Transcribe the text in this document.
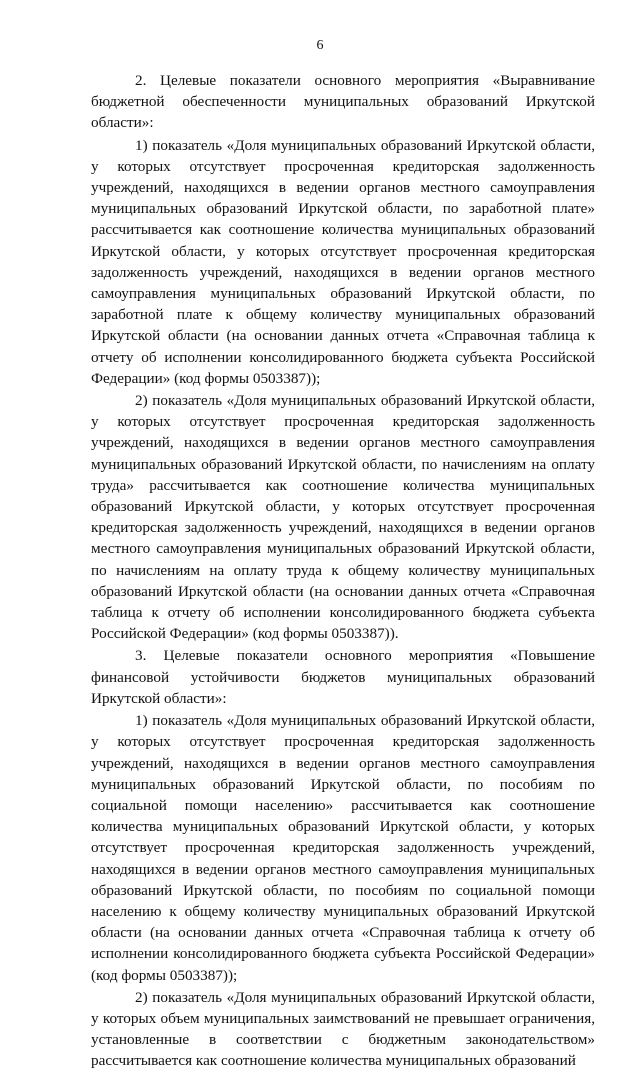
6

2. Целевые показатели основного мероприятия «Выравнивание бюджетной обеспеченности муниципальных образований Иркутской области»:

1) показатель «Доля муниципальных образований Иркутской области, у которых отсутствует просроченная кредиторская задолженность учреждений, находящихся в ведении органов местного самоуправления муниципальных образований Иркутской области, по заработной плате» рассчитывается как соотношение количества муниципальных образований Иркутской области, у которых отсутствует просроченная кредиторская задолженность учреждений, находящихся в ведении органов местного самоуправления муниципальных образований Иркутской области, по заработной плате к общему количеству муниципальных образований Иркутской области (на основании данных отчета «Справочная таблица к отчету об исполнении консолидированного бюджета субъекта Российской Федерации» (код формы 0503387));

2) показатель «Доля муниципальных образований Иркутской области, у которых отсутствует просроченная кредиторская задолженность учреждений, находящихся в ведении органов местного самоуправления муниципальных образований Иркутской области, по начислениям на оплату труда» рассчитывается как соотношение количества муниципальных образований Иркутской области, у которых отсутствует просроченная кредиторская задолженность учреждений, находящихся в ведении органов местного самоуправления муниципальных образований Иркутской области, по начислениям на оплату труда к общему количеству муниципальных образований Иркутской области (на основании данных отчета «Справочная таблица к отчету об исполнении консолидированного бюджета субъекта Российской Федерации» (код формы 0503387)).

3. Целевые показатели основного мероприятия «Повышение финансовой устойчивости бюджетов муниципальных образований Иркутской области»:

1) показатель «Доля муниципальных образований Иркутской области, у которых отсутствует просроченная кредиторская задолженность учреждений, находящихся в ведении органов местного самоуправления муниципальных образований Иркутской области, по пособиям по социальной помощи населению» рассчитывается как соотношение количества муниципальных образований Иркутской области, у которых отсутствует просроченная кредиторская задолженность учреждений, находящихся в ведении органов местного самоуправления муниципальных образований Иркутской области, по пособиям по социальной помощи населению к общему количеству муниципальных образований Иркутской области (на основании данных отчета «Справочная таблица к отчету об исполнении консолидированного бюджета субъекта Российской Федерации» (код формы 0503387));

2) показатель «Доля муниципальных образований Иркутской области, у которых объем муниципальных заимствований не превышает ограничения, установленные в соответствии с бюджетным законодательством» рассчитывается как соотношение количества муниципальных образований
